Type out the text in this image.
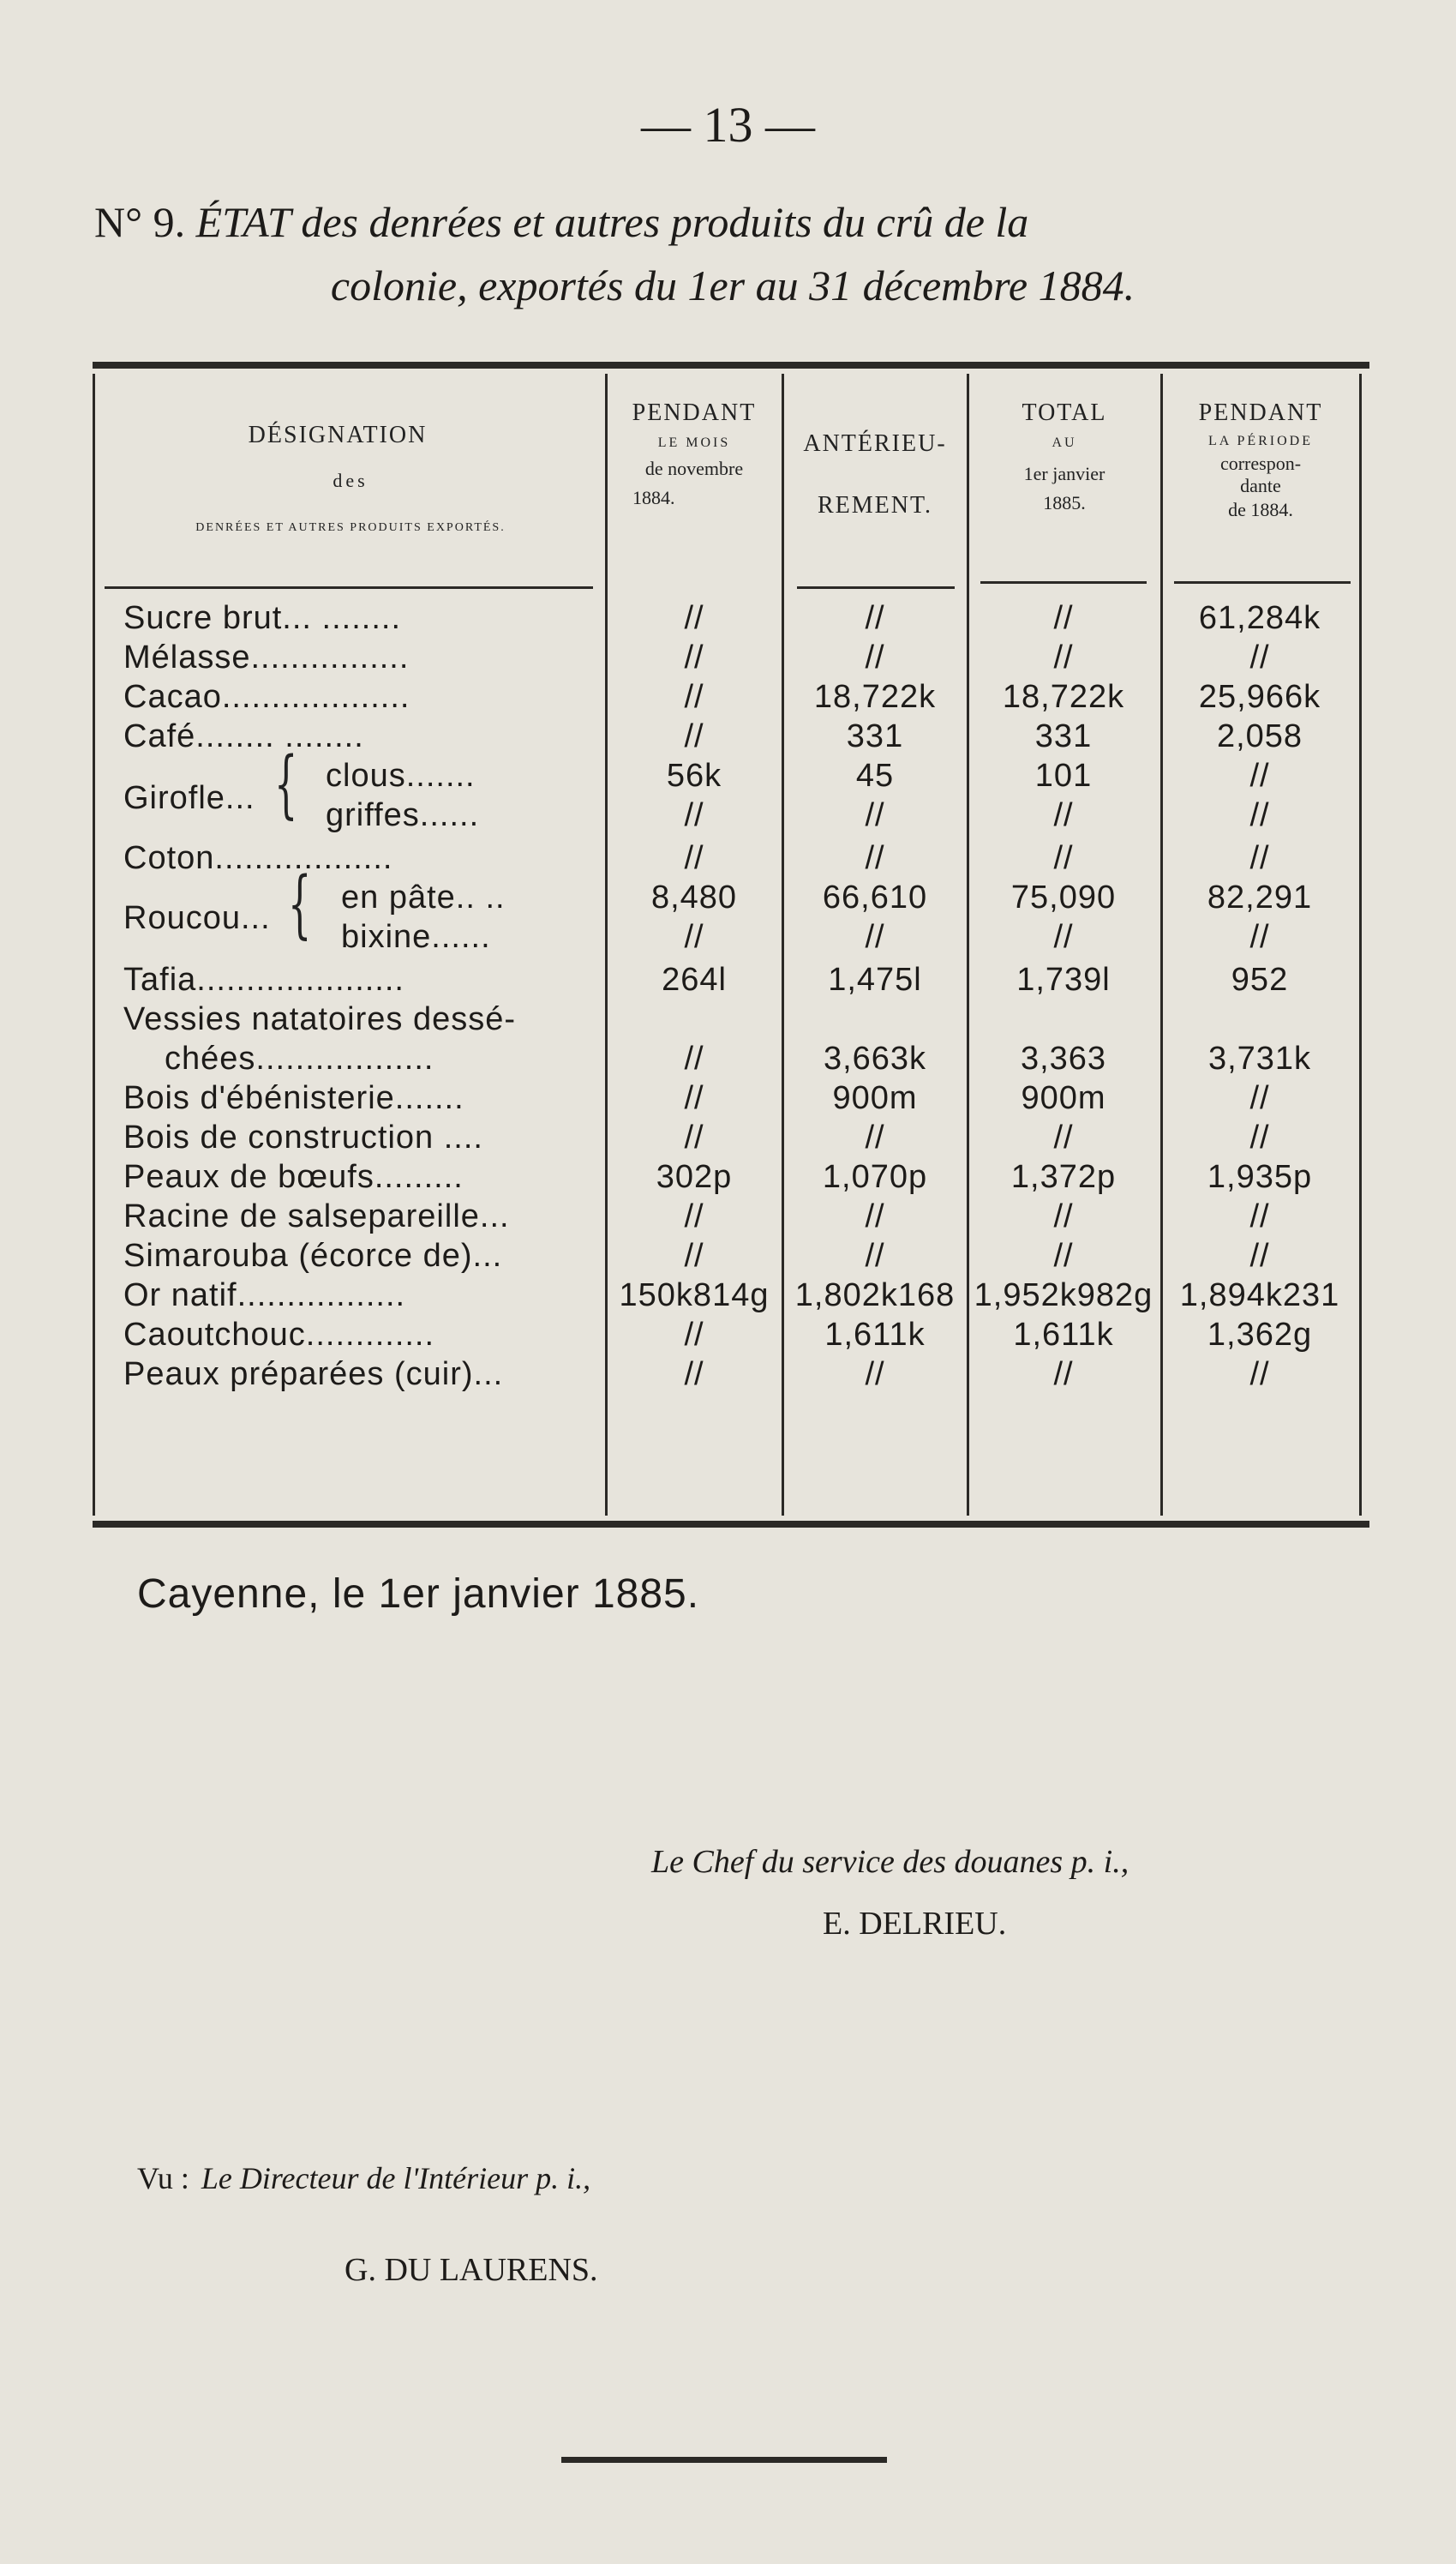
— 13 —
N° 9. ÉTAT des denrées et autres produits du crû de la
colonie, exportés du 1er au 31 décembre 1884.
DÉSIGNATION
des
DENRÉES ET AUTRES PRODUITS EXPORTÉS.
PENDANT
LE MOIS
de novembre
1884.
ANTÉRIEU-
REMENT.
TOTAL
AU
1er janvier
1885.
PENDANT
LA PÉRIODE
correspon-
dante
de 1884.
Sucre brut... ........	//	//	//	61,284k
Mélasse................	//	//	//	//
Cacao...................	//	18,722k	18,722k	25,966k
Café........ ........	//	331	331	2,058
Girofle... { clous.......	56k	45	101	//
griffes......	//	//	//	//
Coton..................	//	//	//	//
Roucou... { en pâte.. ..	8,480	66,610	75,090	82,291
bixine......	//	//	//	//
Tafia.....................	264l	1,475l	1,739l	952
Vessies natatoires dessé-
chées..................	//	3,663k	3,363	3,731k
Bois d'ébénisterie.......	//	900m	900m	//
Bois de construction ....	//	//	//	//
Peaux de bœufs.........	302p	1,070p	1,372p	1,935p
Racine de salsepareille...	//	//	//	//
Simarouba (écorce de)...	//	//	//	//
Or natif.................	150k814g 1,802k168 1,952k982g 1,894k231
Caoutchouc.............	//	1,611k	1,611k	1,362g
Peaux préparées (cuir)...	//	//	//	//
Cayenne, le 1er janvier 1885.
Le Chef du service des douanes p. i.,
E. DELRIEU.
Vu : Le Directeur de l'Intérieur p. i.,
G. DU LAURENS.
